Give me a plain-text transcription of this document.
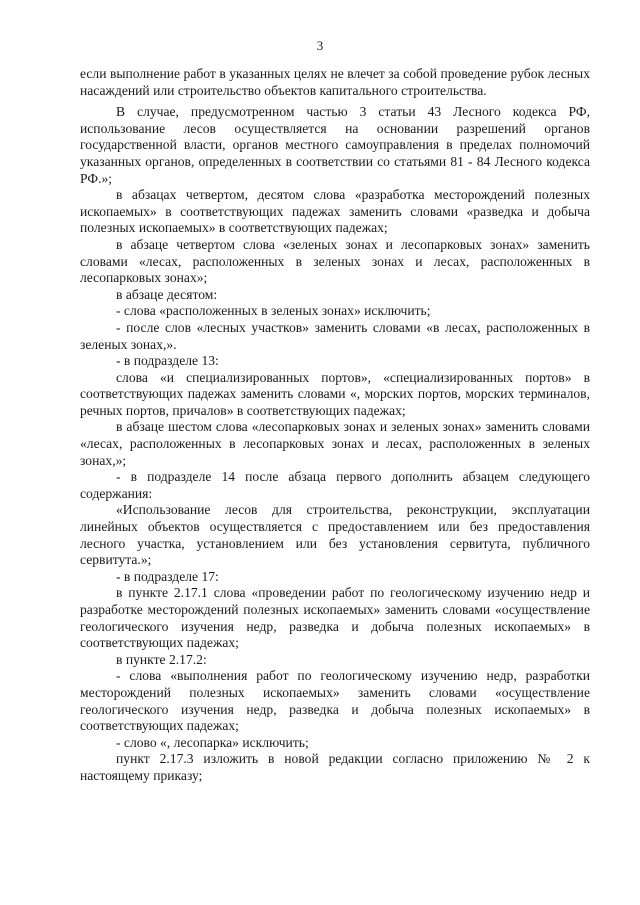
3

если выполнение работ в указанных целях не влечет за собой проведение рубок лесных насаждений или строительство объектов капитального строительства.

В случае, предусмотренном частью 3 статьи 43 Лесного кодекса РФ, использование лесов осуществляется на основании разрешений органов государственной власти, органов местного самоуправления в пределах полномочий указанных органов, определенных в соответствии со статьями 81 - 84 Лесного кодекса РФ.»;

в абзацах четвертом, десятом слова «разработка месторождений полезных ископаемых» в соответствующих падежах заменить словами «разведка и добыча полезных ископаемых» в соответствующих падежах;

в абзаце четвертом слова «зеленых зонах и лесопарковых зонах» заменить словами «лесах, расположенных в зеленых зонах и лесах, расположенных в лесопарковых зонах»;

в абзаце десятом:

- слова «расположенных в зеленых зонах» исключить;

- после слов «лесных участков» заменить словами «в лесах, расположенных в зеленых зонах,».

- в подразделе 13:

слова «и специализированных портов», «специализированных портов» в соответствующих падежах заменить словами «, морских портов, морских терминалов, речных портов, причалов» в соответствующих падежах;

в абзаце шестом слова «лесопарковых зонах и зеленых зонах» заменить словами «лесах, расположенных в лесопарковых зонах и лесах, расположенных в зеленых зонах,»;

- в подразделе 14 после абзаца первого дополнить абзацем следующего содержания:

«Использование лесов для строительства, реконструкции, эксплуатации линейных объектов осуществляется с предоставлением или без предоставления лесного участка, установлением или без установления сервитута, публичного сервитута.»;

- в подразделе 17:

в пункте 2.17.1 слова «проведении работ по геологическому изучению недр и разработке месторождений полезных ископаемых» заменить словами «осуществление геологического изучения недр, разведка и добыча полезных ископаемых» в соответствующих падежах;

в пункте 2.17.2:

- слова «выполнения работ по геологическому изучению недр, разработки месторождений полезных ископаемых» заменить словами «осуществление геологического изучения недр, разведка и добыча полезных ископаемых» в соответствующих падежах;

- слово «, лесопарка» исключить;

пункт 2.17.3 изложить в новой редакции согласно приложению № 2 к настоящему приказу;
